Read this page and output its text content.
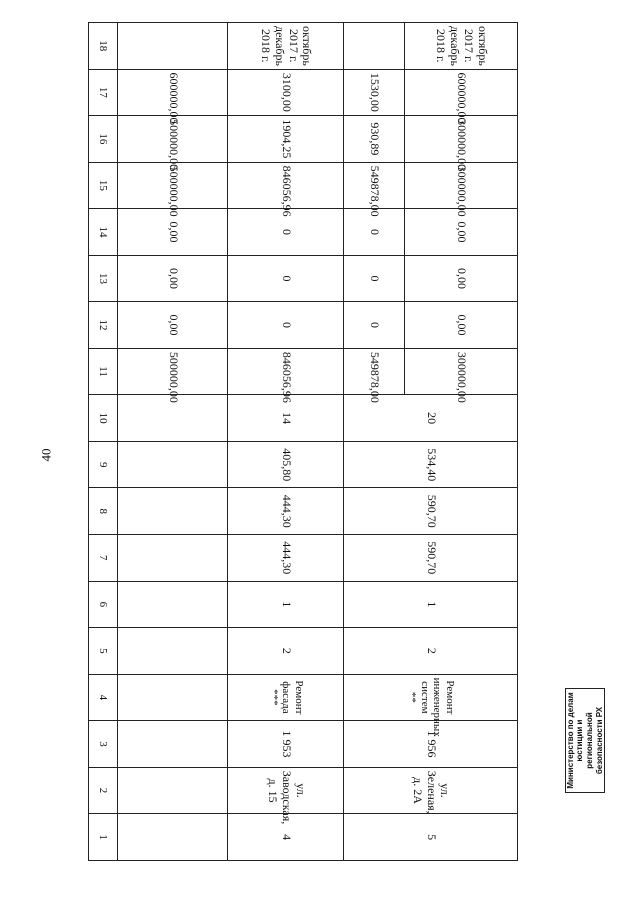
40
октябрь 2017 г. декабрь 2018 г.	600000,00	300000,00	300000,00	0,00	0,00	0,00	300000,00	20	534,40	590,70	590,70	1	2	Ремонт инженерных систем **	1 956	ул. Зеленая, д. 2А	5
	1530,00	930,89	549878,00	0	0	0	549878,00										
октябрь 2017 г. декабрь 2018 г.	3100,00	1904,25	846056,96	0	0	0	846056,96	14	405,80	444,30	444,30	1	2	Ремонт фасада ***	1 953	ул. Заводская, д. 15	4
	600000,00	500000,00	500000,00	0,00	0,00	0,00	500000,00										
18	17	16	15	14	13	12	11	10	9	8	7	6	5	4	3	2	1
Министерство по делам юстиции и региональной безопасности РХ
